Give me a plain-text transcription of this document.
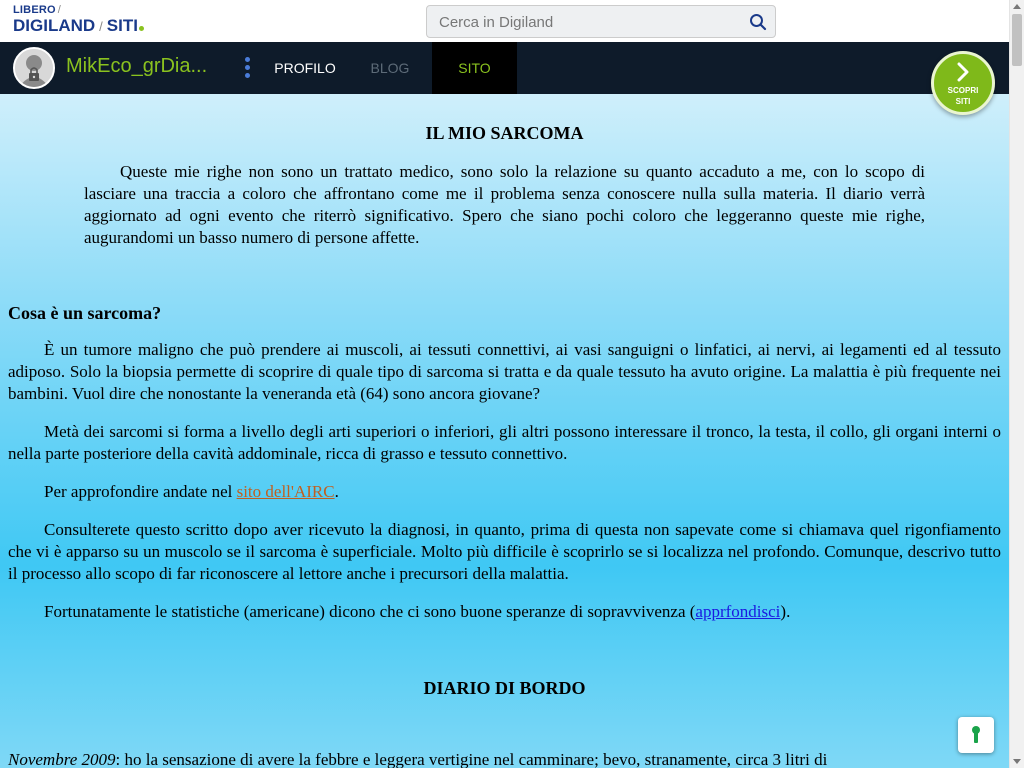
LIBERO /
DIGILAND / SITI
Cerca in Digiland
MikEco_grDia...	PROFILO	BLOG	SITO
SCOPRI
SITI
IL MIO SARCOMA

Queste mie righe non sono un trattato medico, sono solo la relazione su quanto accaduto a me, con lo scopo di lasciare una traccia a coloro che affrontano come me il problema senza conoscere nulla sulla materia. Il diario verrà aggiornato ad ogni evento che riterrò significativo. Spero che siano pochi coloro che leggeranno queste mie righe, augurandomi un basso numero di persone affette.

Cosa è un sarcoma?

È un tumore maligno che può prendere ai muscoli, ai tessuti connettivi, ai vasi sanguigni o linfatici, ai nervi, ai legamenti ed al tessuto adiposo. Solo la biopsia permette di scoprire di quale tipo di sarcoma si tratta e da quale tessuto ha avuto origine. La malattia è più frequente nei bambini. Vuol dire che nonostante la veneranda età (64) sono ancora giovane?

Metà dei sarcomi si forma a livello degli arti superiori o inferiori, gli altri possono interessare il tronco, la testa, il collo, gli organi interni o nella parte posteriore della cavità addominale, ricca di grasso e tessuto connettivo.

Per approfondire andate nel sito dell'AIRC.

Consulterete questo scritto dopo aver ricevuto la diagnosi, in quanto, prima di questa non sapevate come si chiamava quel rigonfiamento che vi è apparso su un muscolo se il sarcoma è superficiale. Molto più difficile è scoprirlo se si localizza nel profondo. Comunque, descrivo tutto il processo allo scopo di far riconoscere al lettore anche i precursori della malattia.

Fortunatamente le statistiche (americane) dicono che ci sono buone speranze di sopravvivenza (apprfondisci).

DIARIO DI BORDO
Novembre 2009: ho la sensazione di avere la febbre e leggera vertigine nel camminare; bevo, stranamente, circa 3 litri di
